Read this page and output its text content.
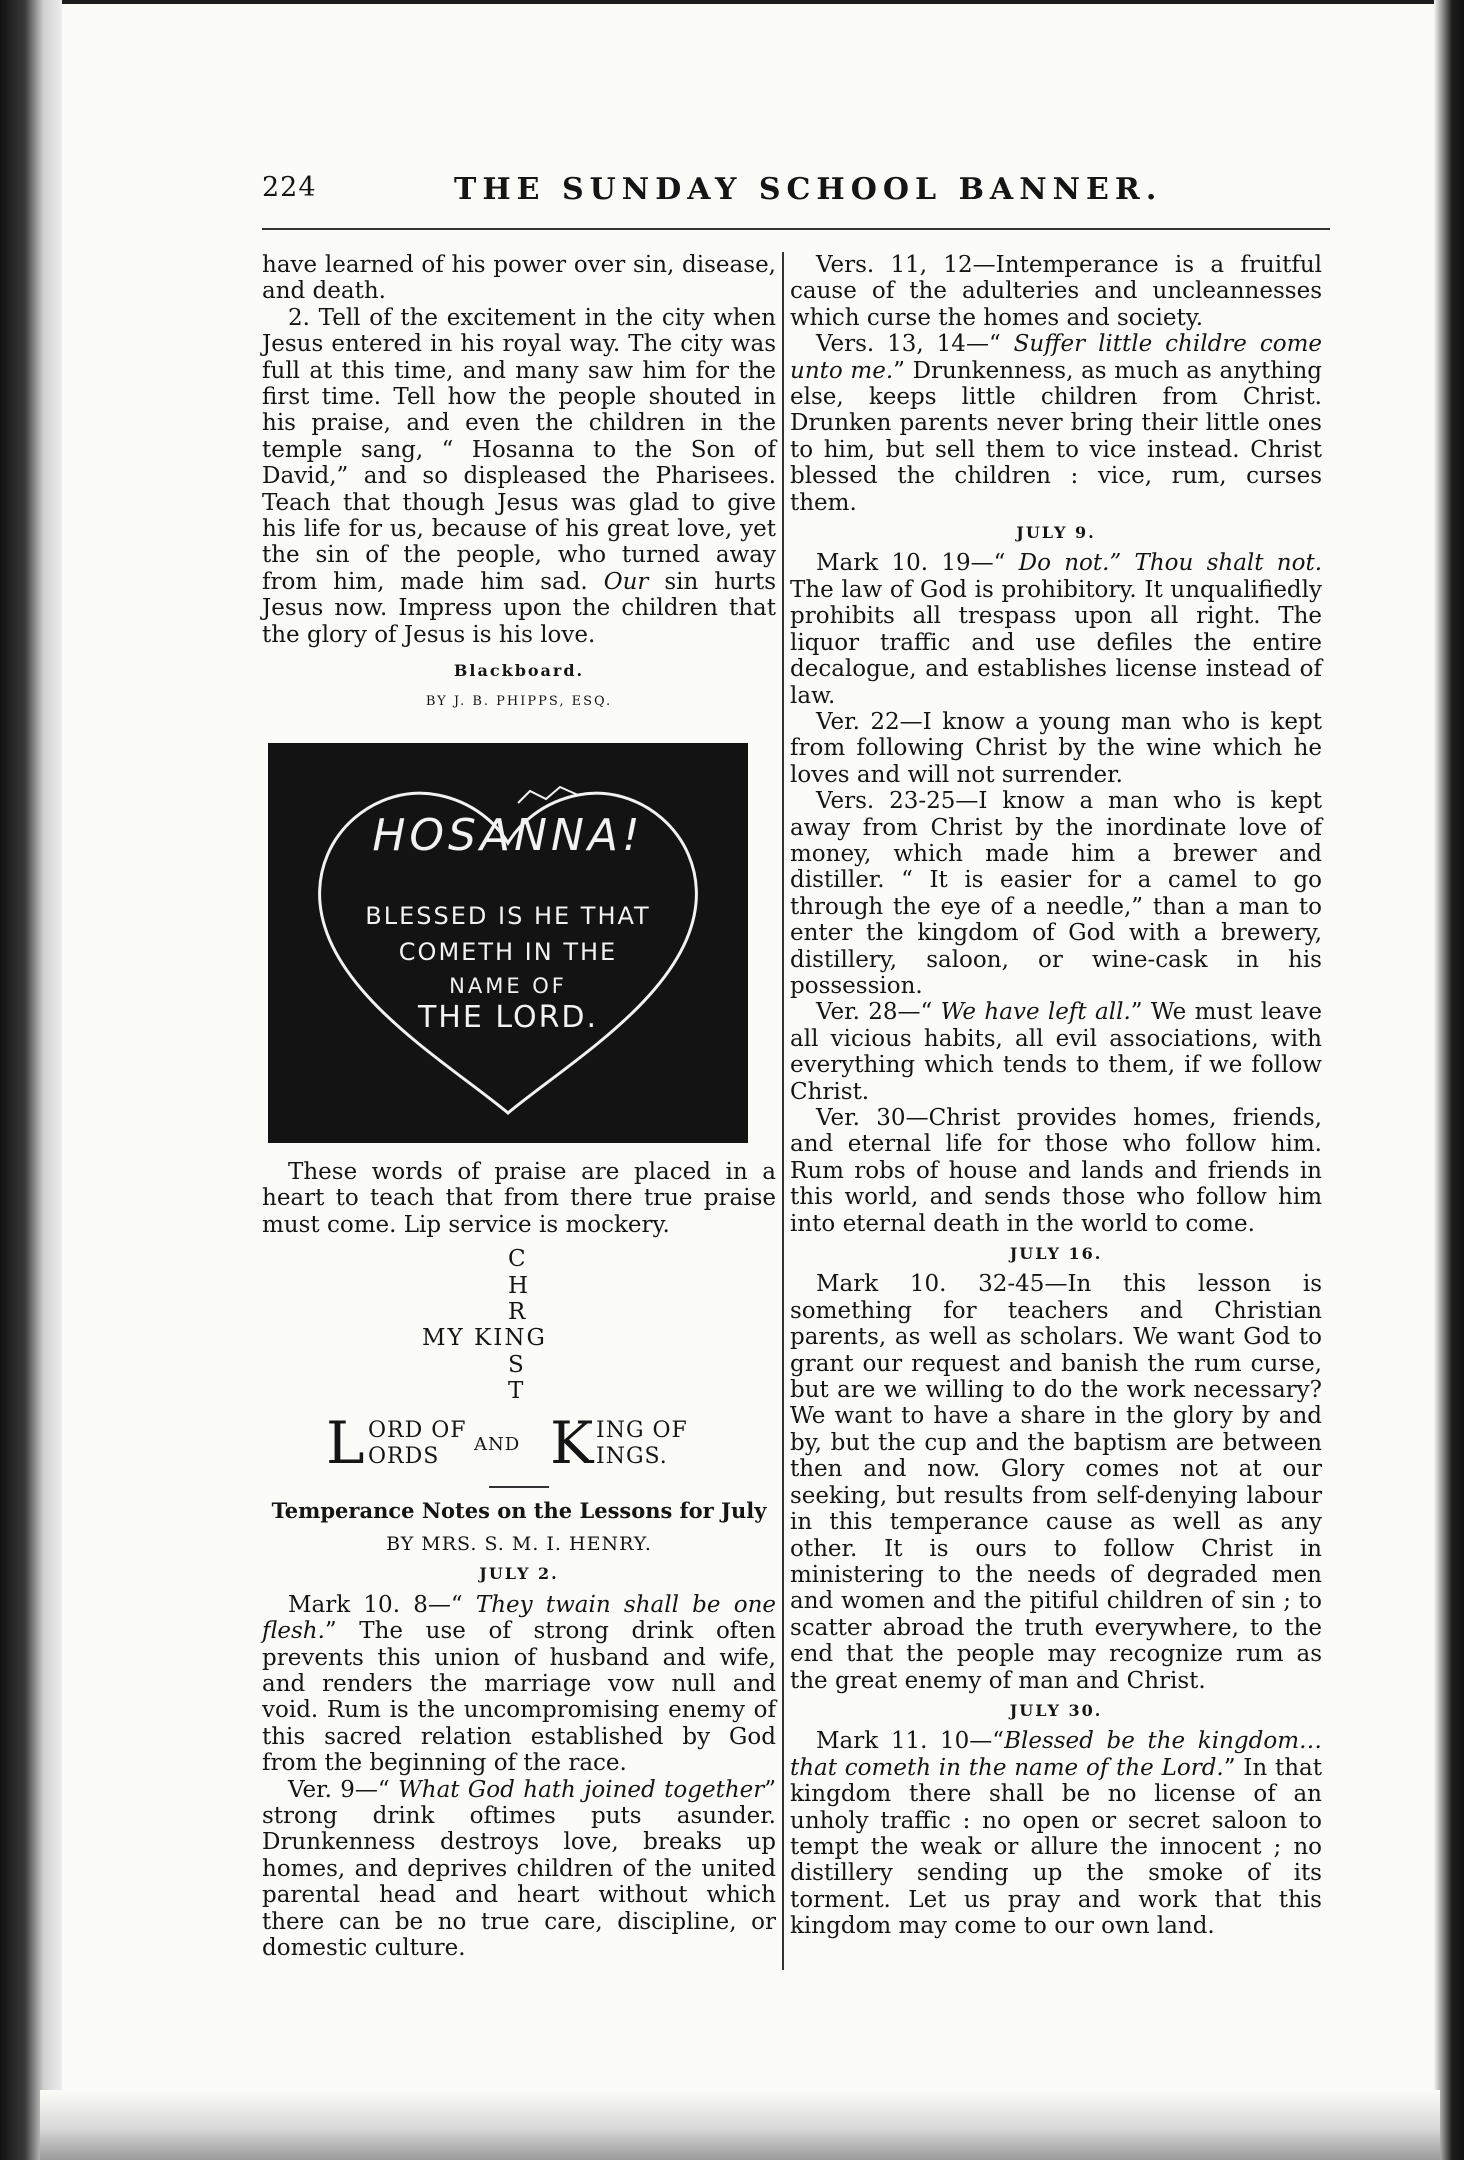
224	THE SUNDAY SCHOOL BANNER.

have learned of his power over sin, disease, and death.

2. Tell of the excitement in the city when Jesus entered in his royal way. The city was full at this time, and many saw him for the first time. Tell how the people shouted in his praise, and even the children in the temple sang, “ Hosanna to the Son of David,” and so displeased the Pharisees. Teach that though Jesus was glad to give his life for us, because of his great love, yet the sin of the people, who turned away from him, made him sad. Our sin hurts Jesus now. Impress upon the children that the glory of Jesus is his love.

Blackboard.
BY J. B. PHIPPS, ESQ.
HOSANNA!
BLESSED IS HE THAT
COMETH IN THE
NAME OF
THE LORD.

These words of praise are placed in a heart to teach that from there true praise must come. Lip service is mockery.

C
H
R
MY KING
S
T
L ORD OF
ORDS AND K ING OF
INGS.
Temperance Notes on the Lessons for July
BY MRS. S. M. I. HENRY.
JULY 2.

Mark 10. 8—“ They twain shall be one flesh.” The use of strong drink often prevents this union of husband and wife, and renders the marriage vow null and void. Rum is the uncompromising enemy of this sacred relation established by God from the beginning of the race.

Ver. 9—“ What God hath joined together” strong drink oftimes puts asunder. Drunkenness destroys love, breaks up homes, and deprives children of the united parental head and heart without which there can be no true care, discipline, or domestic culture.

Vers. 11, 12—Intemperance is a fruitful cause of the adulteries and uncleannesses which curse the homes and society.

Vers. 13, 14—“ Suffer little childre come unto me.” Drunkenness, as much as anything else, keeps little children from Christ. Drunken parents never bring their little ones to him, but sell them to vice instead. Christ blessed the children : vice, rum, curses them.

JULY 9.

Mark 10. 19—“ Do not.” Thou shalt not. The law of God is prohibitory. It unqualifiedly prohibits all trespass upon all right. The liquor traffic and use defiles the entire decalogue, and establishes license instead of law.

Ver. 22—I know a young man who is kept from following Christ by the wine which he loves and will not surrender.

Vers. 23-25—I know a man who is kept away from Christ by the inordinate love of money, which made him a brewer and distiller. “ It is easier for a camel to go through the eye of a needle,” than a man to enter the kingdom of God with a brewery, distillery, saloon, or wine-cask in his possession.

Ver. 28—“ We have left all.” We must leave all vicious habits, all evil associations, with everything which tends to them, if we follow Christ.

Ver. 30—Christ provides homes, friends, and eternal life for those who follow him. Rum robs of house and lands and friends in this world, and sends those who follow him into eternal death in the world to come.

JULY 16.

Mark 10. 32-45—In this lesson is something for teachers and Christian parents, as well as scholars. We want God to grant our request and banish the rum curse, but are we willing to do the work necessary? We want to have a share in the glory by and by, but the cup and the baptism are between then and now. Glory comes not at our seeking, but results from self-denying labour in this temperance cause as well as any other. It is ours to follow Christ in ministering to the needs of degraded men and women and the pitiful children of sin ; to scatter abroad the truth everywhere, to the end that the people may recognize rum as the great enemy of man and Christ.

JULY 30.

Mark 11. 10—“Blessed be the kingdom… that cometh in the name of the Lord.” In that kingdom there shall be no license of an unholy traffic : no open or secret saloon to tempt the weak or allure the innocent ; no distillery sending up the smoke of its torment. Let us pray and work that this kingdom may come to our own land.
